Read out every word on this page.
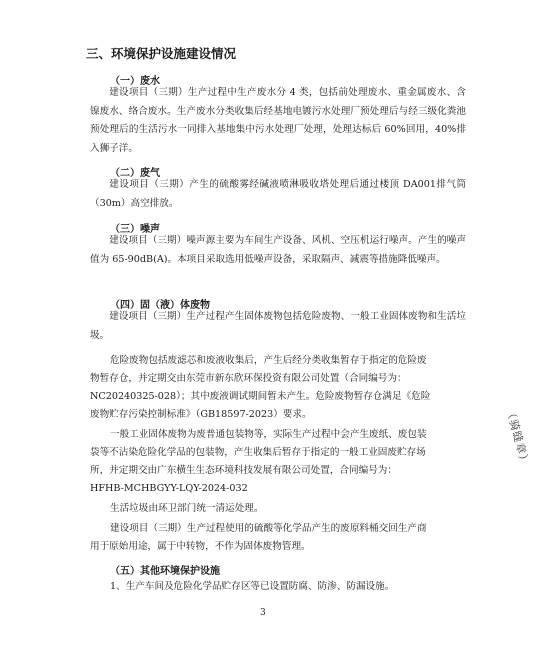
三、环境保护设施建设情况
（一）废水

建设项目（三期）生产过程中生产废水分 4 类，包括前处理废水、重金属废水、含镍废水、络合废水。生产废水分类收集后经基地电镀污水处理厂预处理后与经三级化粪池预处理后的生活污水一同排入基地集中污水处理厂处理，处理达标后 60%回用，40%排入狮子洋。

（二）废气

建设项目（三期）产生的硫酸雾经碱液喷淋吸收塔处理后通过楼顶 DA001排气筒（30m）高空排放。

（三）噪声

建设项目（三期）噪声源主要为车间生产设备、风机、空压机运行噪声。产生的噪声值为 65-90dB(A)。本项目采取选用低噪声设备，采取隔声、减震等措施降低噪声。

（四）固（液）体废物

建设项目（三期）生产过程产生固体废物包括危险废物、一般工业固体废物和生活垃圾。

危险废物包括废滤芯和废液收集后，产生后经分类收集暂存于指定的危险废

物暂存仓，并定期交由东莞市新东欣环保投资有限公司处置（合同编号为：

NC20240325-028）；其中废液调试期间暂未产生。危险废物暂存仓满足《危险

废物贮存污染控制标准》（GB18597-2023）要求。

一般工业固体废物为废普通包装物等，实际生产过程中会产生废纸、废包装

袋等不沾染危险化学品的包装物，产生收集后暂存于指定的一般工业固废贮存场

所，并定期交由广东横生生态环境科技发展有限公司处置，合同编号为：

HFHB-MCHBGYY-LQY-2024-032

生活垃圾由环卫部门统一清运处理。

建设项目（三期）生产过程使用的硫酸等化学品产生的废原料桶交回生产商

用于原始用途，属于中转物，不作为固体废物管理。

（五）其他环境保护设施

1、生产车间及危险化学品贮存区等已设置防腐、防渗、防漏设施。

3
（骑缝章）
